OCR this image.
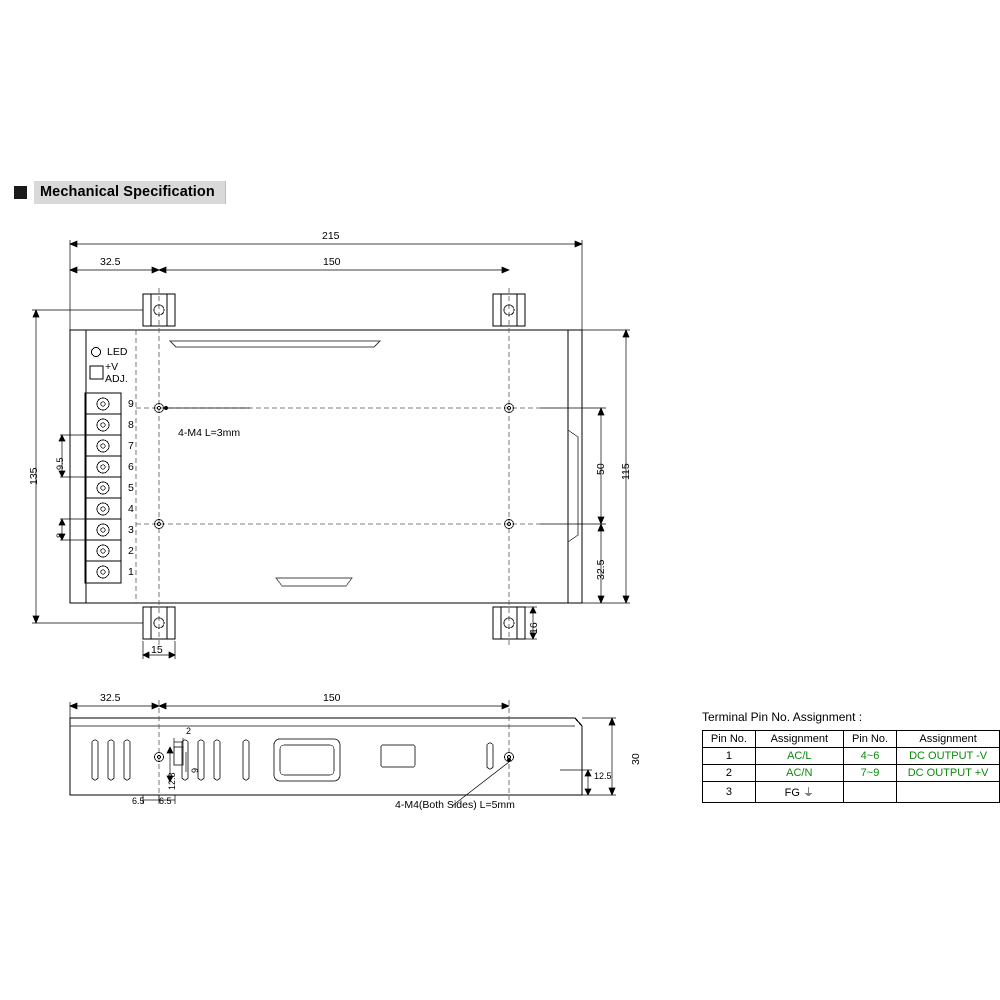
Mechanical Specification
215
32.5	150
135
9.5
8
115
50
32.5
15
16
LED
+V
ADJ.
4-M4 L=3mm
9
8
7
6
5
4
3
2
1
32.5	150
30
12.5
2
12.8
9
6.5 6.5	4-M4(Both Sides) L=5mm
Terminal Pin No. Assignment :
Pin No.	Assignment	Pin No.	Assignment
1	AC/L	4~6	DC OUTPUT -V
2	AC/N	7~9	DC OUTPUT +V
3	FG ⏚		
